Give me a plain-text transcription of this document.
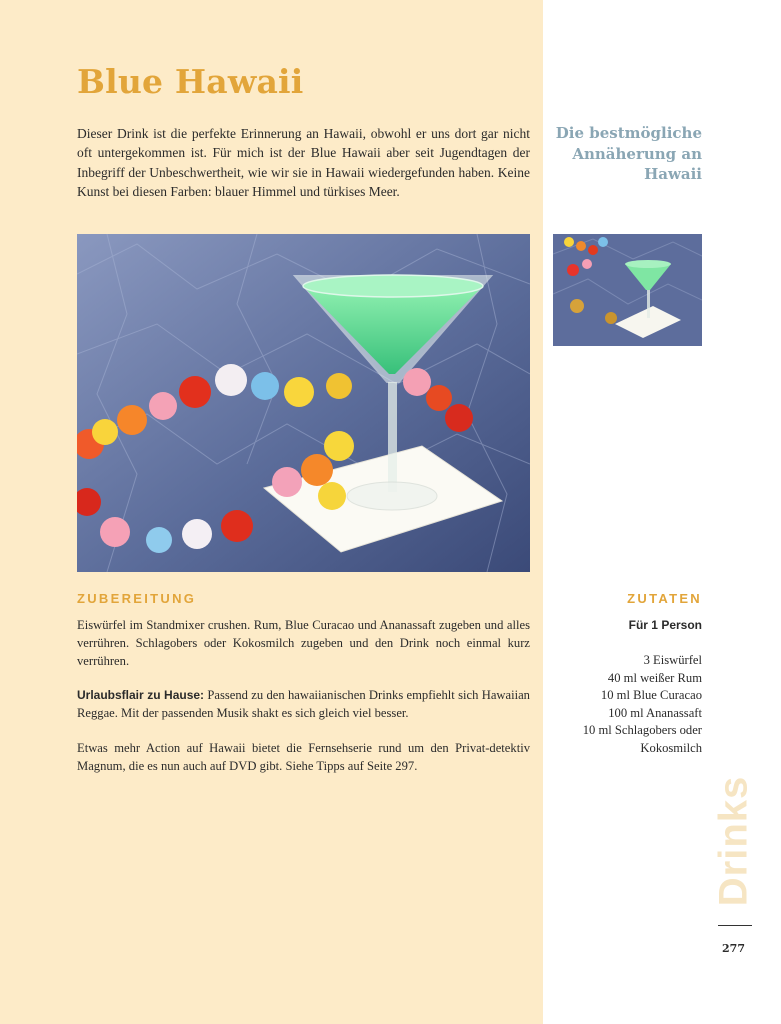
Blue Hawaii

Dieser Drink ist die perfekte Erinnerung an Hawaii, obwohl er uns dort gar nicht oft untergekommen ist. Für mich ist der Blue Hawaii aber seit Jugendtagen der Inbegriff der Unbeschwertheit, wie wir sie in Hawaii wiedergefunden haben. Keine Kunst bei diesen Farben: blauer Himmel und türkises Meer.

Die bestmögliche Annäherung an Hawaii

ZUBEREITUNG	ZUTATEN

Eiswürfel im Standmixer crushen. Rum, Blue Curacao und Ananassaft zugeben und alles verrühren. Schlagobers oder Kokosmilch zugeben und den Drink noch einmal kurz verrühren.

Urlaubsflair zu Hause: Passend zu den hawaiianischen Drinks empfiehlt sich Hawaiian Reggae. Mit der passenden Musik shakt es sich gleich viel besser.

Etwas mehr Action auf Hawaii bietet die Fernsehserie rund um den Privat-detektiv Magnum, die es nun auch auf DVD gibt. Siehe Tipps auf Seite 297.

Für 1 Person

3 Eiswürfel
40 ml weißer Rum
10 ml Blue Curacao
100 ml Ananassaft
10 ml Schlagobers oder
Kokosmilch
Drinks

277
